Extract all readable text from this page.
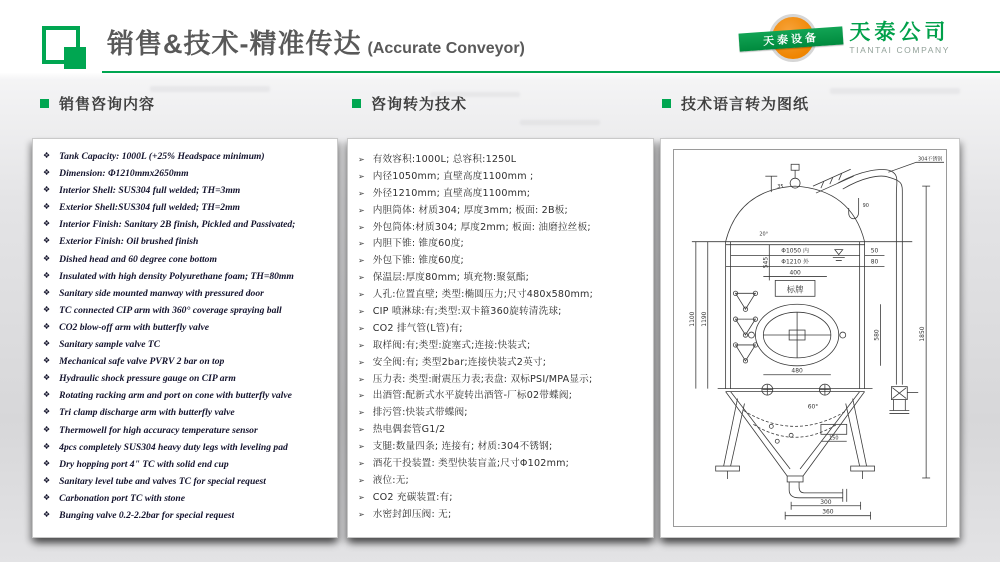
销售&技术-精准传达 (Accurate Conveyor)
天泰设备	天泰公司
TIANTAI COMPANY
销售咨询内容	咨询转为技术	技术语言转为图纸
❖ Tank Capacity: 1000L (+25% Headspace minimum)
❖ Dimension: Φ1210mmx2650mm
❖ Interior Shell: SUS304 full welded; TH=3mm
❖ Exterior Shell:SUS304 full welded; TH=2mm
❖ Interior Finish: Sanitary 2B finish, Pickled and Passivated;
❖ Exterior Finish: Oil brushed finish
❖ Dished head and 60 degree cone bottom
❖ Insulated with high density Polyurethane foam; TH=80mm
❖ Sanitary side mounted manway with pressured door
❖ TC connected CIP arm with 360° coverage spraying ball
❖ CO2 blow-off arm with butterfly valve
❖ Sanitary sample valve TC
❖ Mechanical safe valve PVRV 2 bar on top
❖ Hydraulic shock pressure gauge on CIP arm
❖ Rotating racking arm and port on cone with butterfly valve
❖ Tri clamp discharge arm with butterfly valve
❖ Thermowell for high accuracy temperature sensor
❖ 4pcs completely SUS304 heavy duty legs with leveling pad
❖ Dry hopping port 4" TC with solid end cup
❖ Sanitary level tube and valves TC for special request
❖ Carbonation port TC with stone
❖ Bunging valve 0.2-2.2bar for special request
➢ 有效容积:1000L; 总容积:1250L
➢ 内径1050mm; 直壁高度1100mm ;
➢ 外径1210mm; 直壁高度1100mm;
➢ 内胆筒体: 材质304; 厚度3mm; 板面: 2B板;
➢ 外包筒体:材质304; 厚度2mm; 板面: 油磨拉丝板;
➢ 内胆下锥: 锥度60度;
➢ 外包下锥: 锥度60度;
➢ 保温层:厚度80mm; 填充物:聚氨酯;
➢ 人孔:位置直壁; 类型:椭圆压力;尺寸480x580mm;
➢ CIP 喷淋球:有;类型:双卡箍360旋转清洗球;
➢ CO2 排气管(L管)有;
➢ 取样阀:有;类型:旋塞式;连接:快装式;
➢ 安全阀:有; 类型2bar;连接快装式2英寸;
➢ 压力表: 类型:耐震压力表;表盘: 双标PSI/MPA显示;
➢ 出酒管:配新式水平旋转出酒管-厂标02带蝶阀;
➢ 排污管:快装式带蝶阀;
➢ 热电偶套管G1/2
➢ 支腿:数量四条; 连接有; 材质:304不锈钢;
➢ 酒花干投装置: 类型快装盲盖;尺寸Φ102mm;
➢ 液位:无;
➢ CO2 充碳装置:有;
➢ 水密封卸压阀: 无;
Φ1050 内
Φ1210 外
50
80
1100 1190
545
400
标牌
580
480
60°
150
300
360
1850
20°
35
90
304不锈钢
